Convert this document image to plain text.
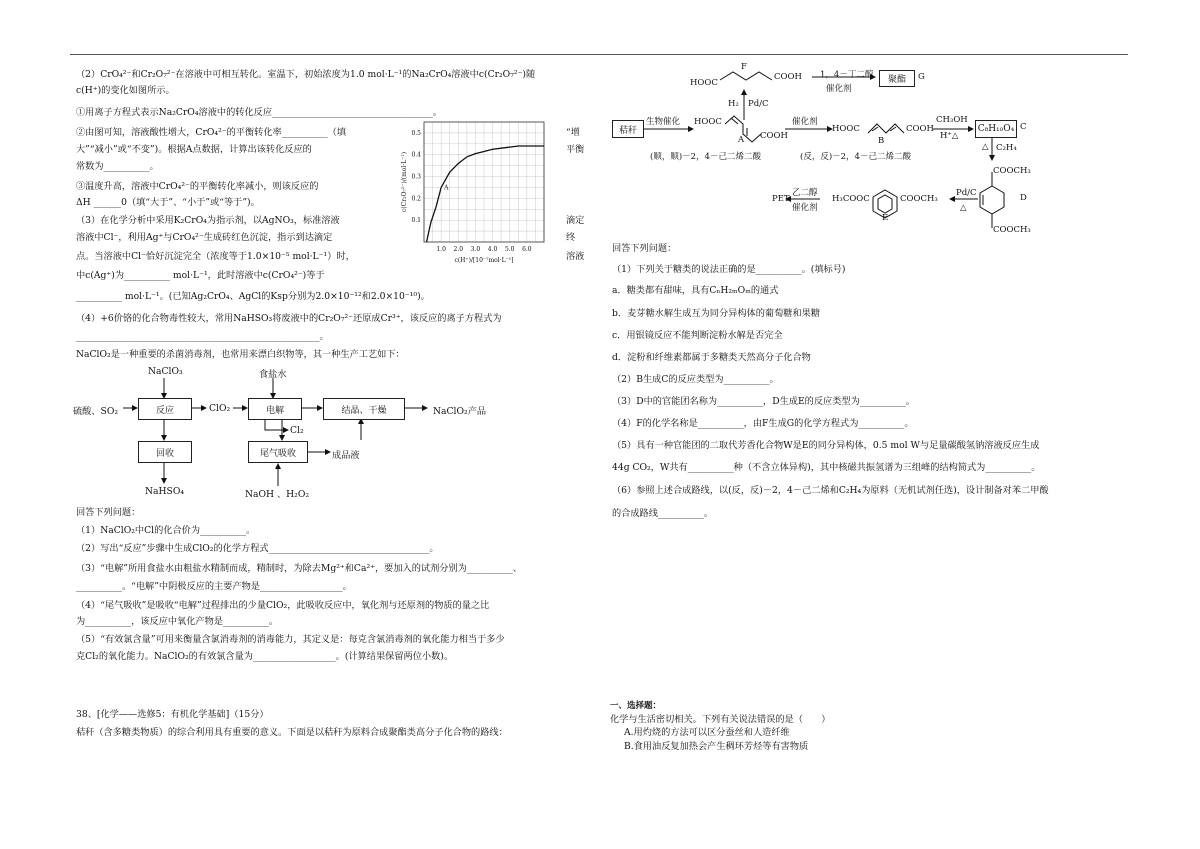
（2）CrO₄²⁻和Cr₂O₇²⁻在溶液中可相互转化。室温下，初始浓度为1.0 mol·L⁻¹的Na₂CrO₄溶液中c(Cr₂O₇²⁻)随
c(H⁺)的变化如图所示。
①用离子方程式表示Na₂CrO₄溶液中的转化反应___________________________________。
②由图可知，溶液酸性增大，CrO₄²⁻的平衡转化率__________（填
大”“减小”或“不变”)。根据A点数据，计算出该转化反应的
常数为__________。
③温度升高，溶液中CrO₄²⁻的平衡转化率减小，则该反应的
ΔH ______0（填“大于”、“小于”或“等于”)。
（3）在化学分析中采用K₂CrO₄为指示剂，以AgNO₃，标准溶液
溶液中Cl⁻，利用Ag⁺与CrO₄²⁻生成砖红色沉淀，指示到达滴定
点。当溶液中Cl⁻恰好沉淀完全（浓度等于1.0×10⁻⁵ mol·L⁻¹）时，
中c(Ag⁺)为__________ mol·L⁻¹，此时溶液中c(CrO₄²⁻)等于
__________ mol·L⁻¹。(已知Ag₂CrO₄、AgCl的Ksp分别为2.0×10⁻¹²和2.0×10⁻¹⁰)。
“增
平衡
滴定
终
溶液
1.0 2.0 3.0 4.0 5.0 6.0
0.1
0.2
0.3
0.4
0.5
c(H⁺)/[10⁻⁷mol·L⁻¹]
c(Cr₂O₇²⁻)/(mol·L⁻¹)	A
（4）+6价铬的化合物毒性较大，常用NaHSO₃将废液中的Cr₂O₇²⁻还原成Cr³⁺，该反应的离子方程式为
_____________________________________________________。
NaClO₂是一种重要的杀菌消毒剂，也常用来漂白织物等，其一种生产工艺如下：
NaClO₃
硫酸、SO₂	反应	ClO₂
食盐水
电解	结晶、干燥	NaClO₂产品
Cl₂
回收	尾气吸收	成品液
NaHSO₄	NaOH 、H₂O₂
回答下列问题：
（1）NaClO₂中Cl的化合价为__________。
（2）写出“反应”步骤中生成ClO₂的化学方程式___________________________________。
（3）“电解”所用食盐水由粗盐水精制而成，精制时，为除去Mg²⁺和Ca²⁺，要加入的试剂分别为__________、
__________。“电解”中阴极反应的主要产物是__________________。
（4）“尾气吸收”是吸收“电解”过程排出的少量ClO₂，此吸收反应中，氧化剂与还原剂的物质的量之比
为__________，该反应中氧化产物是__________。
（5）“有效氯含量”可用来衡量含氯消毒剂的消毒能力，其定义是：每克含氯消毒剂的氧化能力相当于多少
克Cl₂的氧化能力。NaClO₂的有效氯含量为__________________。(计算结果保留两位小数)。
38、[化学——选修5：有机化学基础]（15分）
秸秆（含多糖类物质）的综合利用具有重要的意义。下面是以秸秆为原料合成聚酯类高分子化合物的路线：
F
HOOC
COOH 1，4－丁二醇
催化剂
聚酯 G
H₂ Pd/C
秸秆
生物催化 HOOC
COOH
A
(顺，顺)－2，4－己二烯二酸
催化剂
HOOC	COOH
B
(反，反)－2，4－己二烯二酸
CH₃OH
H⁺△
C₈H₁₀O₄ C
△ C₂H₄
COOCH₃
COOCH₃
D
PET
乙二醇
催化剂
H₃COOC	COOCH₃
E
Pd/C
△
回答下列问题：
（1）下列关于糖类的说法正确的是__________。(填标号)
a．糖类都有甜味，具有CₙH₂ₘOₘ的通式
b．麦芽糖水解生成互为同分异构体的葡萄糖和果糖
c．用银镜反应不能判断淀粉水解是否完全
d．淀粉和纤维素都属于多糖类天然高分子化合物
（2）B生成C的反应类型为__________。
（3）D中的官能团名称为__________，D生成E的反应类型为__________。
（4）F的化学名称是__________，由F生成G的化学方程式为__________。
（5）具有一种官能团的二取代芳香化合物W是E的同分异构体，0.5 mol W与足量碳酸氢钠溶液反应生成
44g CO₂，W共有__________种（不含立体异构)，其中核磁共振氢谱为三组峰的结构简式为__________。
（6）参照上述合成路线，以(反，反)－2，4－己二烯和C₂H₄为原料（无机试剂任选)，设计制备对苯二甲酸
的合成路线__________。
一、选择题：
化学与生活密切相关。下列有关说法错误的是（　　）
A.用灼烧的方法可以区分蚕丝和人造纤维
B.食用油反复加热会产生稠环芳烃等有害物质
